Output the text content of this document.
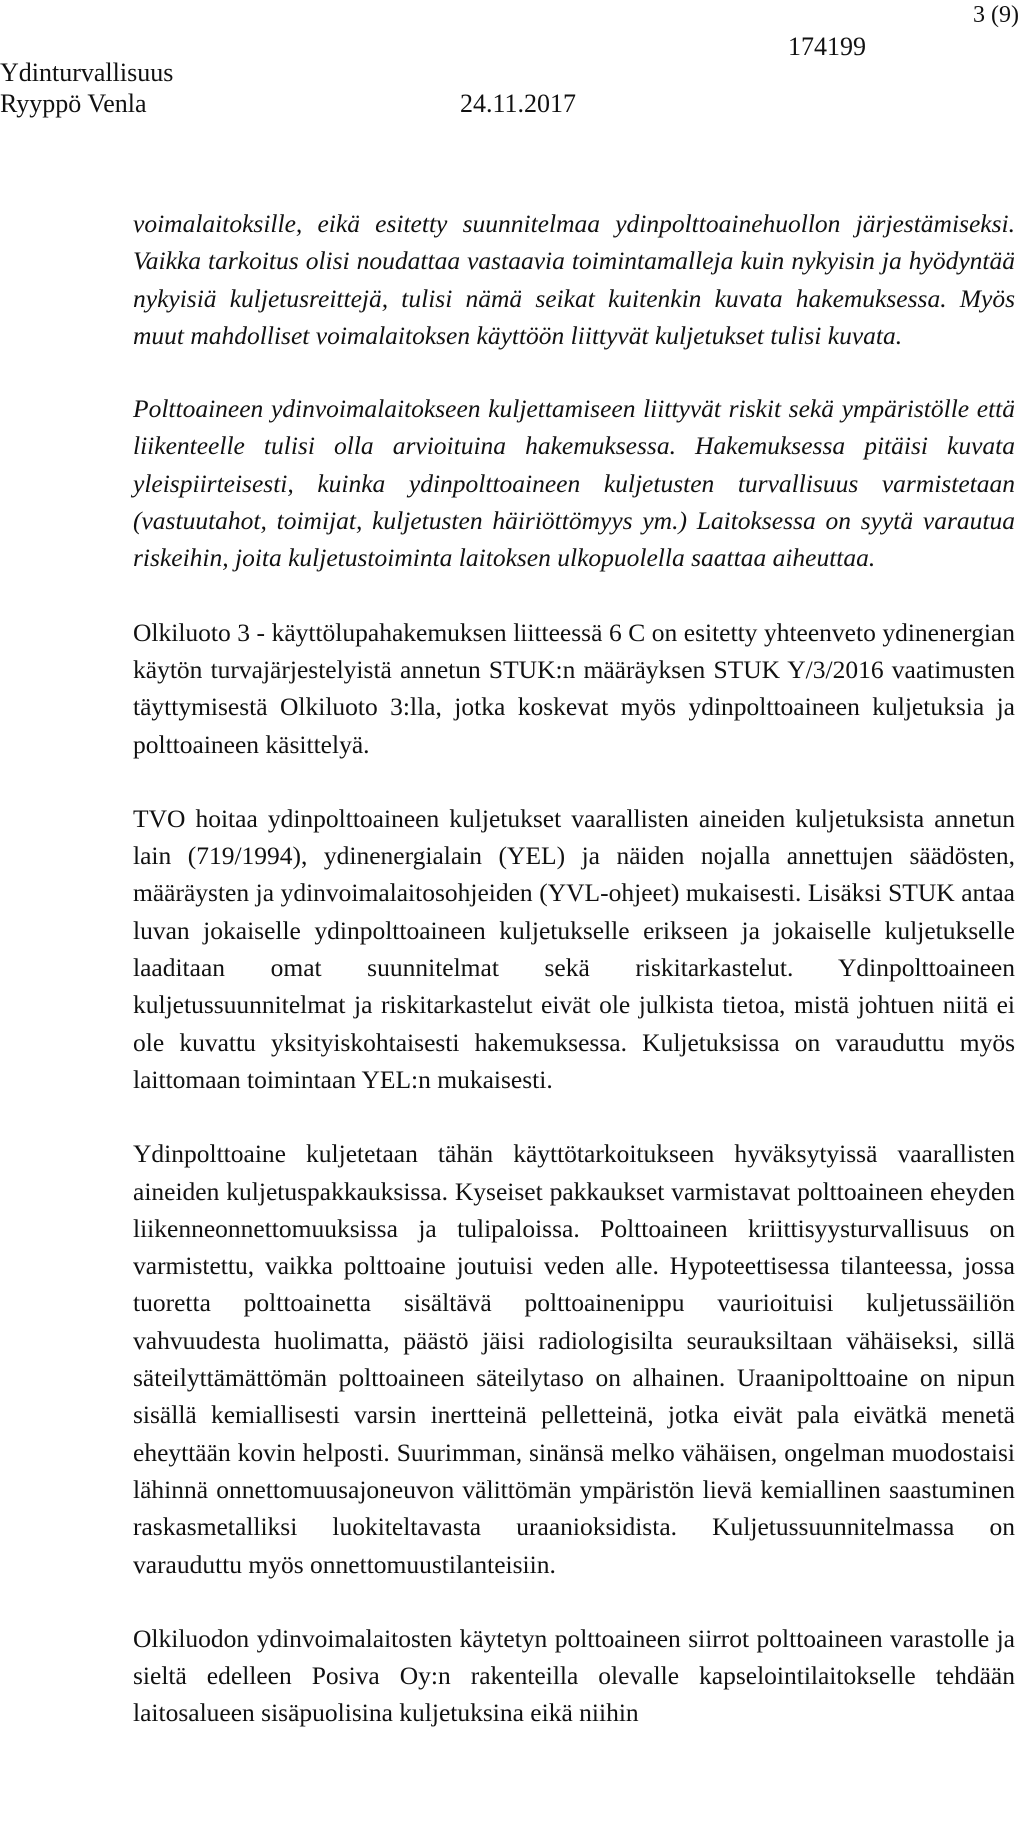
Ydinturvallisuus
Ryyppö Venla	24.11.2017
174199
3 (9)

voimalaitoksille, eikä esitetty suunnitelmaa ydinpolttoainehuollon järjestämiseksi. Vaikka tarkoitus olisi noudattaa vastaavia toimintamalleja kuin nykyisin ja hyödyntää nykyisiä kuljetusreittejä, tulisi nämä seikat kuitenkin kuvata hakemuksessa. Myös muut mahdolliset voimalaitoksen käyttöön liittyvät kuljetukset tulisi kuvata.

Polttoaineen ydinvoimalaitokseen kuljettamiseen liittyvät riskit sekä ympäristölle että liikenteelle tulisi olla arvioituina hakemuksessa. Hakemuksessa pitäisi kuvata yleispiirteisesti, kuinka ydinpolttoaineen kuljetusten turvallisuus varmistetaan (vastuutahot, toimijat, kuljetusten häiriöttömyys ym.) Laitoksessa on syytä varautua riskeihin, joita kuljetustoiminta laitoksen ulkopuolella saattaa aiheuttaa.

Olkiluoto 3 - käyttölupahakemuksen liitteessä 6 C on esitetty yhteenveto ydinenergian käytön turvajärjestelyistä annetun STUK:n määräyksen STUK Y/3/2016 vaatimusten täyttymisestä Olkiluoto 3:lla, jotka koskevat myös ydinpolttoaineen kuljetuksia ja polttoaineen käsittelyä.

TVO hoitaa ydinpolttoaineen kuljetukset vaarallisten aineiden kuljetuksista annetun lain (719/1994), ydinenergialain (YEL) ja näiden nojalla annettujen säädösten, määräysten ja ydinvoimalaitosohjeiden (YVL-ohjeet) mukaisesti. Lisäksi STUK antaa luvan jokaiselle ydinpolttoaineen kuljetukselle erikseen ja jokaiselle kuljetukselle laaditaan omat suunnitelmat sekä riskitarkastelut. Ydinpolttoaineen kuljetussuunnitelmat ja riskitarkastelut eivät ole julkista tietoa, mistä johtuen niitä ei ole kuvattu yksityiskohtaisesti hakemuksessa. Kuljetuksissa on varauduttu myös laittomaan toimintaan YEL:n mukaisesti.

Ydinpolttoaine kuljetetaan tähän käyttötarkoitukseen hyväksytyissä vaarallisten aineiden kuljetuspakkauksissa. Kyseiset pakkaukset varmistavat polttoaineen eheyden liikenneonnettomuuksissa ja tulipaloissa. Polttoaineen kriittisyysturvallisuus on varmistettu, vaikka polttoaine joutuisi veden alle. Hypoteettisessa tilanteessa, jossa tuoretta polttoainetta sisältävä polttoainenippu vaurioituisi kuljetussäiliön vahvuudesta huolimatta, päästö jäisi radiologisilta seurauksiltaan vähäiseksi, sillä säteilyttämättömän polttoaineen säteilytaso on alhainen. Uraanipolttoaine on nipun sisällä kemiallisesti varsin inertteinä pelletteinä, jotka eivät pala eivätkä menetä eheyttään kovin helposti. Suurimman, sinänsä melko vähäisen, ongelman muodostaisi lähinnä onnettomuusajoneuvon välittömän ympäristön lievä kemiallinen saastuminen raskasmetalliksi luokiteltavasta uraanioksidista. Kuljetussuunnitelmassa on varauduttu myös onnettomuustilanteisiin.

Olkiluodon ydinvoimalaitosten käytetyn polttoaineen siirrot polttoaineen varastolle ja sieltä edelleen Posiva Oy:n rakenteilla olevalle kapselointilaitokselle tehdään laitosalueen sisäpuolisina kuljetuksina eikä niihin
